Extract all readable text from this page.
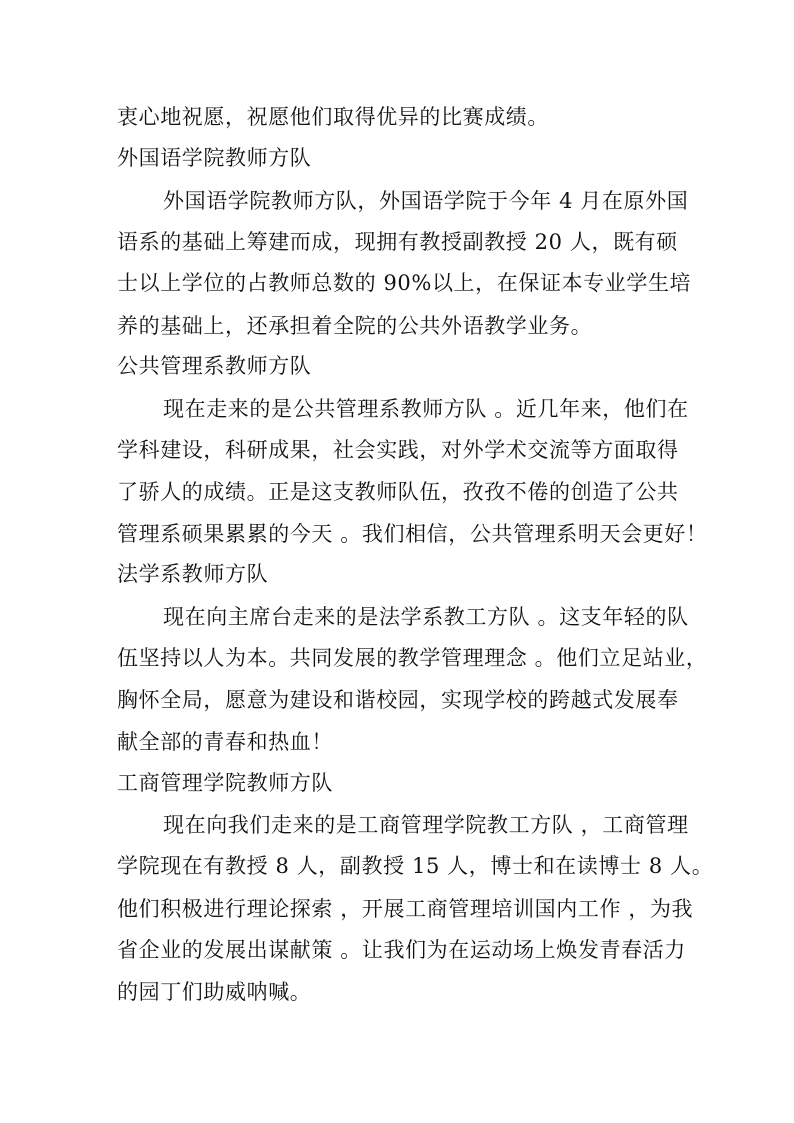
衷心地祝愿，祝愿他们取得优异的比赛成绩。
外国语学院教师方队
外国语学院教师方队，外国语学院于今年 4 月在原外国
语系的基础上筹建而成，现拥有教授副教授 20 人，既有硕
士以上学位的占教师总数的 90%以上，在保证本专业学生培
养的基础上，还承担着全院的公共外语教学业务。
公共管理系教师方队
现在走来的是公共管理系教师方队 。近几年来，他们在
学科建设，科研成果，社会实践，对外学术交流等方面取得
了骄人的成绩。正是这支教师队伍，孜孜不倦的创造了公共
管理系硕果累累的今天 。我们相信，公共管理系明天会更好！
法学系教师方队
现在向主席台走来的是法学系教工方队 。这支年轻的队
伍坚持以人为本。共同发展的教学管理理念 。他们立足站业，
胸怀全局，愿意为建设和谐校园，实现学校的跨越式发展奉
献全部的青春和热血！
工商管理学院教师方队
现在向我们走来的是工商管理学院教工方队 ，工商管理
学院现在有教授 8 人，副教授 15 人，博士和在读博士 8 人。
他们积极进行理论探索 ，开展工商管理培训国内工作 ，为我
省企业的发展出谋献策 。让我们为在运动场上焕发青春活力
的园丁们助威呐喊。
